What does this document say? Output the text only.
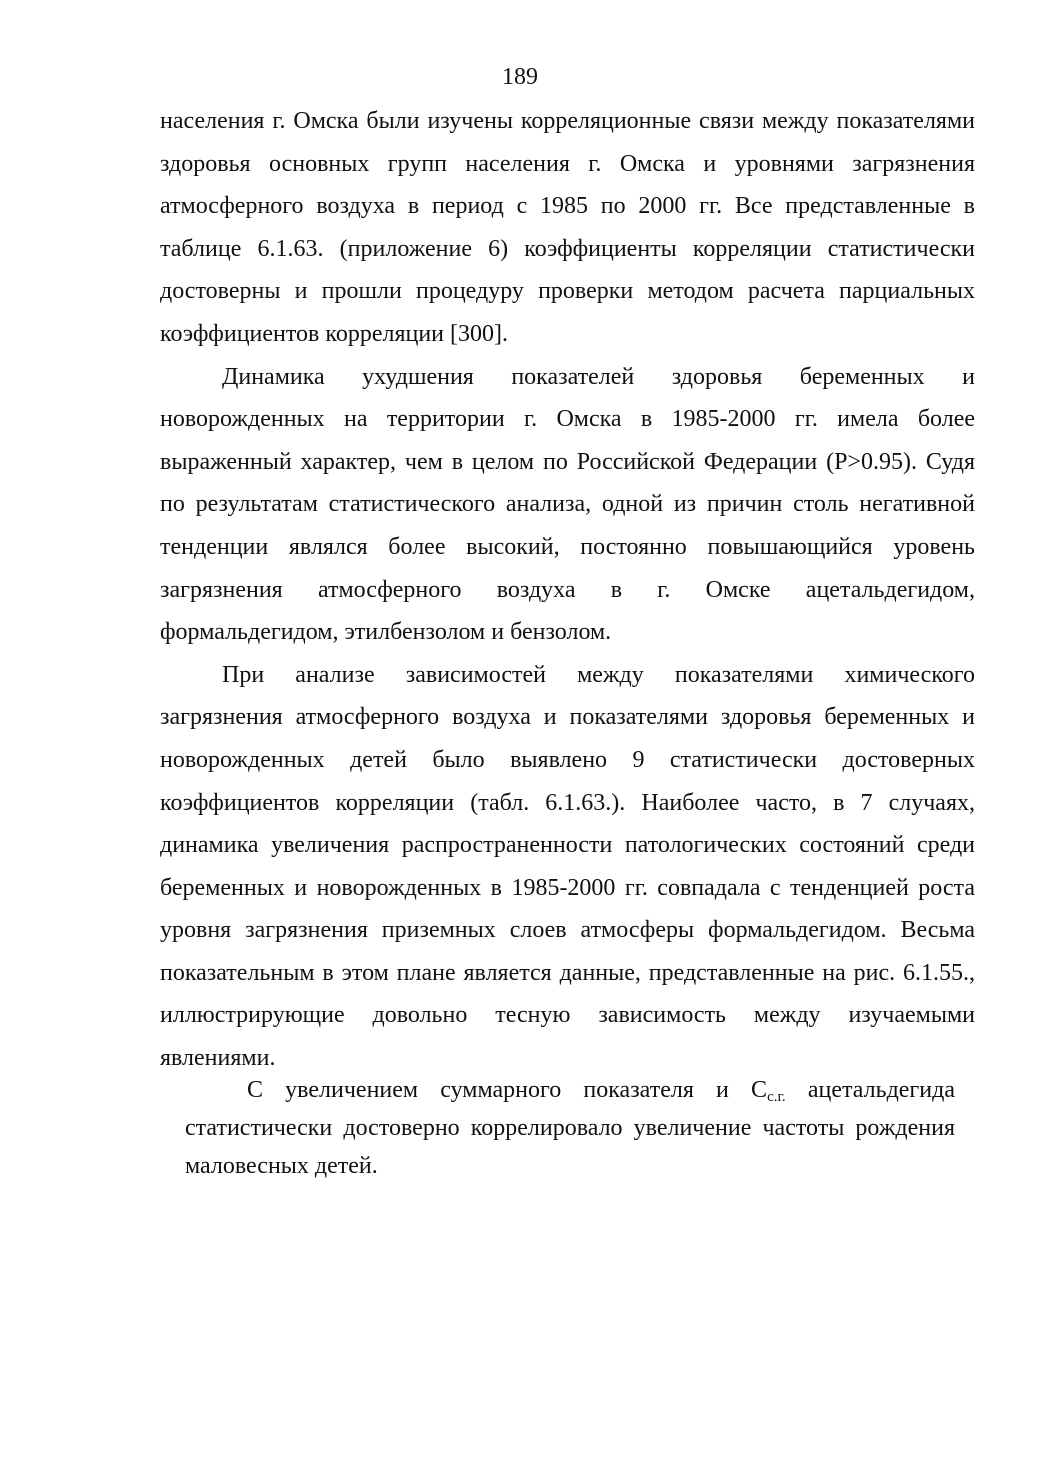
189

населения г. Омска были изучены корреляционные связи между показателями здоровья основных групп населения г. Омска и уровнями загрязнения атмосферного воздуха в период с 1985 по 2000 гг. Все представленные в таблице 6.1.63. (приложение 6) коэффициенты корреляции статистически достоверны и прошли процедуру проверки методом расчета парциальных коэффициентов корреляции [300].

Динамика ухудшения показателей здоровья беременных и новорожденных на территории г. Омска в 1985-2000 гг. имела более выраженный характер, чем в целом по Российской Федерации (P>0.95). Судя по результатам статистического анализа, одной из причин столь негативной тенденции являлся более высокий, постоянно повышающийся уровень загрязнения атмосферного воздуха в г. Омске ацетальдегидом, формальдегидом, этилбензолом и бензолом.

При анализе зависимостей между показателями химического загрязнения атмосферного воздуха и показателями здоровья беременных и новорожденных детей было выявлено 9 статистически достоверных коэффициентов корреляции (табл. 6.1.63.). Наиболее часто, в 7 случаях, динамика увеличения распространенности патологических состояний среди беременных и новорожденных в 1985-2000 гг. совпадала с тенденцией роста уровня загрязнения приземных слоев атмосферы формальдегидом. Весьма показательным в этом плане является данные, представленные на рис. 6.1.55., иллюстрирующие довольно тесную зависимость между изучаемыми явлениями.

С увеличением суммарного показателя и $С_{с.г.}$ ацетальдегида статистически достоверно коррелировало увеличение частоты рождения маловесных детей.
